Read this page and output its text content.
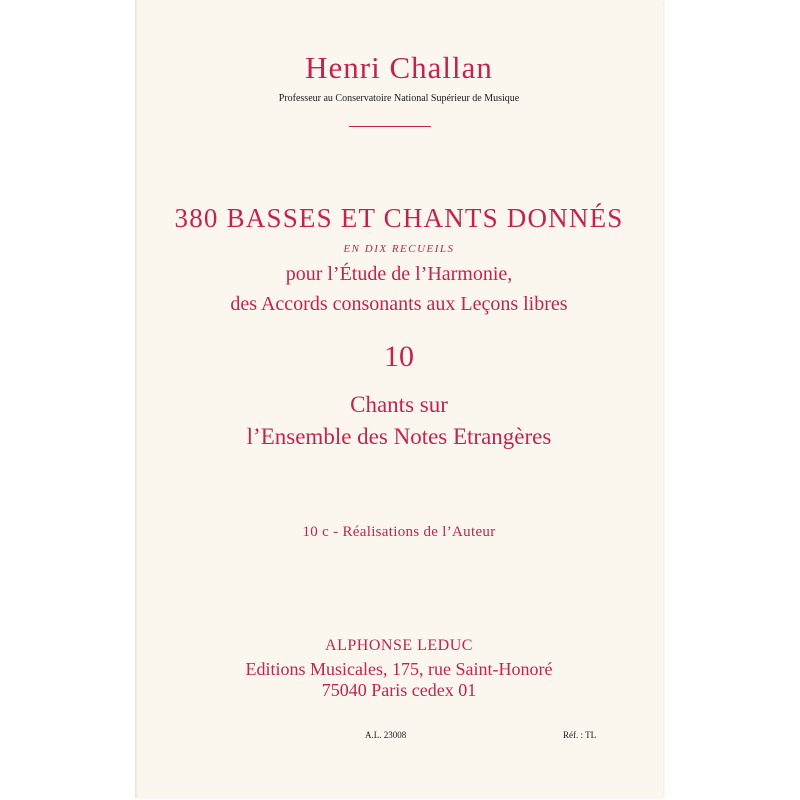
Henri Challan
Professeur au Conservatoire National Supérieur de Musique
380 BASSES ET CHANTS DONNÉS
EN DIX RECUEILS
pour l’Étude de l’Harmonie,
des Accords consonants aux Leçons libres
10
Chants sur
l’Ensemble des Notes Etrangères
10 c - Réalisations de l’Auteur
ALPHONSE LEDUC
Editions Musicales, 175, rue Saint-Honoré
75040 Paris cedex 01
A.L. 23008	Réf. : TL
